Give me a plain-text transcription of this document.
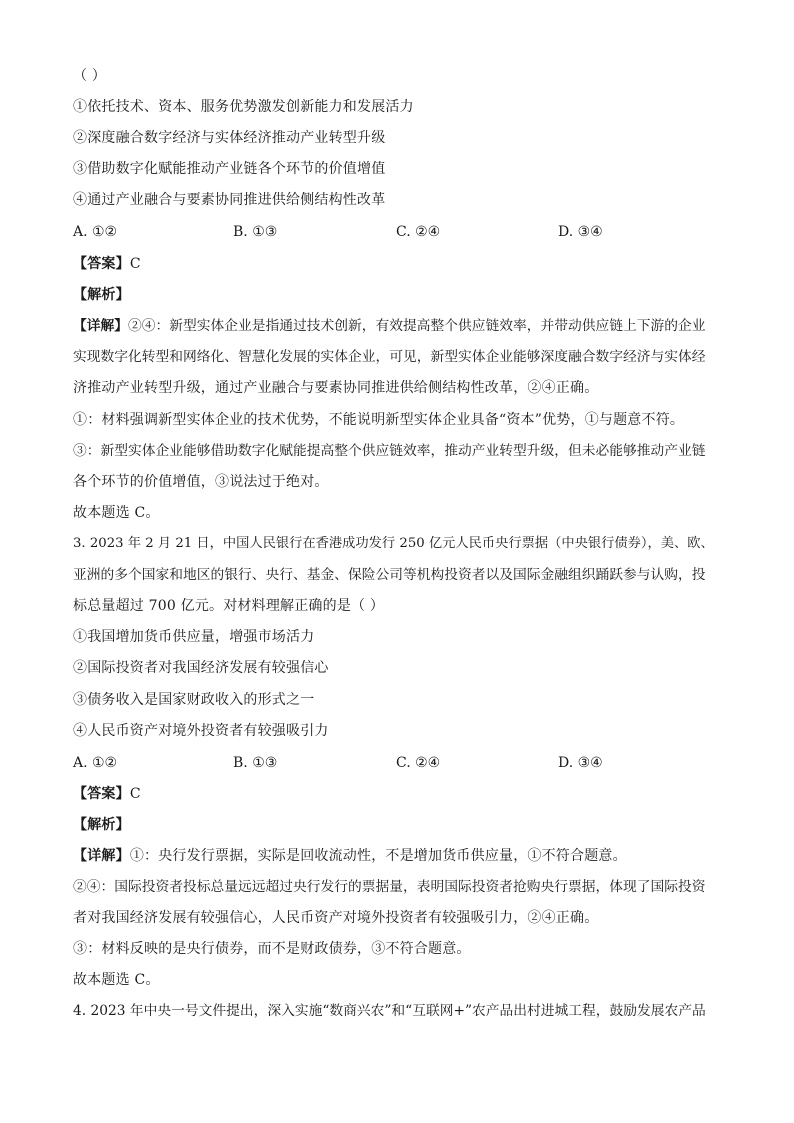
（ ）
①依托技术、资本、服务优势激发创新能力和发展活力
②深度融合数字经济与实体经济推动产业转型升级
③借助数字化赋能推动产业链各个环节的价值增值
④通过产业融合与要素协同推进供给侧结构性改革
A. ①②	B. ①③	C. ②④	D. ③④
【答案】C
【解析】
【详解】②④：新型实体企业是指通过技术创新，有效提高整个供应链效率，并带动供应链上下游的企业
实现数字化转型和网络化、智慧化发展的实体企业，可见，新型实体企业能够深度融合数字经济与实体经
济推动产业转型升级，通过产业融合与要素协同推进供给侧结构性改革，②④正确。
①：材料强调新型实体企业的技术优势，不能说明新型实体企业具备“资本”优势，①与题意不符。
③：新型实体企业能够借助数字化赋能提高整个供应链效率，推动产业转型升级，但未必能够推动产业链
各个环节的价值增值，③说法过于绝对。
故本题选 C。
3. 2023 年 2 月 21 日，中国人民银行在香港成功发行 250 亿元人民币央行票据（中央银行债券），美、欧、
亚洲的多个国家和地区的银行、央行、基金、保险公司等机构投资者以及国际金融组织踊跃参与认购，投
标总量超过 700 亿元。对材料理解正确的是（ ）
①我国增加货币供应量，增强市场活力
②国际投资者对我国经济发展有较强信心
③债务收入是国家财政收入的形式之一
④人民币资产对境外投资者有较强吸引力
A. ①②	B. ①③	C. ②④	D. ③④
【答案】C
【解析】
【详解】①：央行发行票据，实际是回收流动性，不是增加货币供应量，①不符合题意。
②④：国际投资者投标总量远远超过央行发行的票据量，表明国际投资者抢购央行票据，体现了国际投资
者对我国经济发展有较强信心，人民币资产对境外投资者有较强吸引力，②④正确。
③：材料反映的是央行债券，而不是财政债券，③不符合题意。
故本题选 C。
4. 2023 年中央一号文件提出，深入实施“数商兴农”和“互联网+”农产品出村进城工程，鼓励发展农产品
